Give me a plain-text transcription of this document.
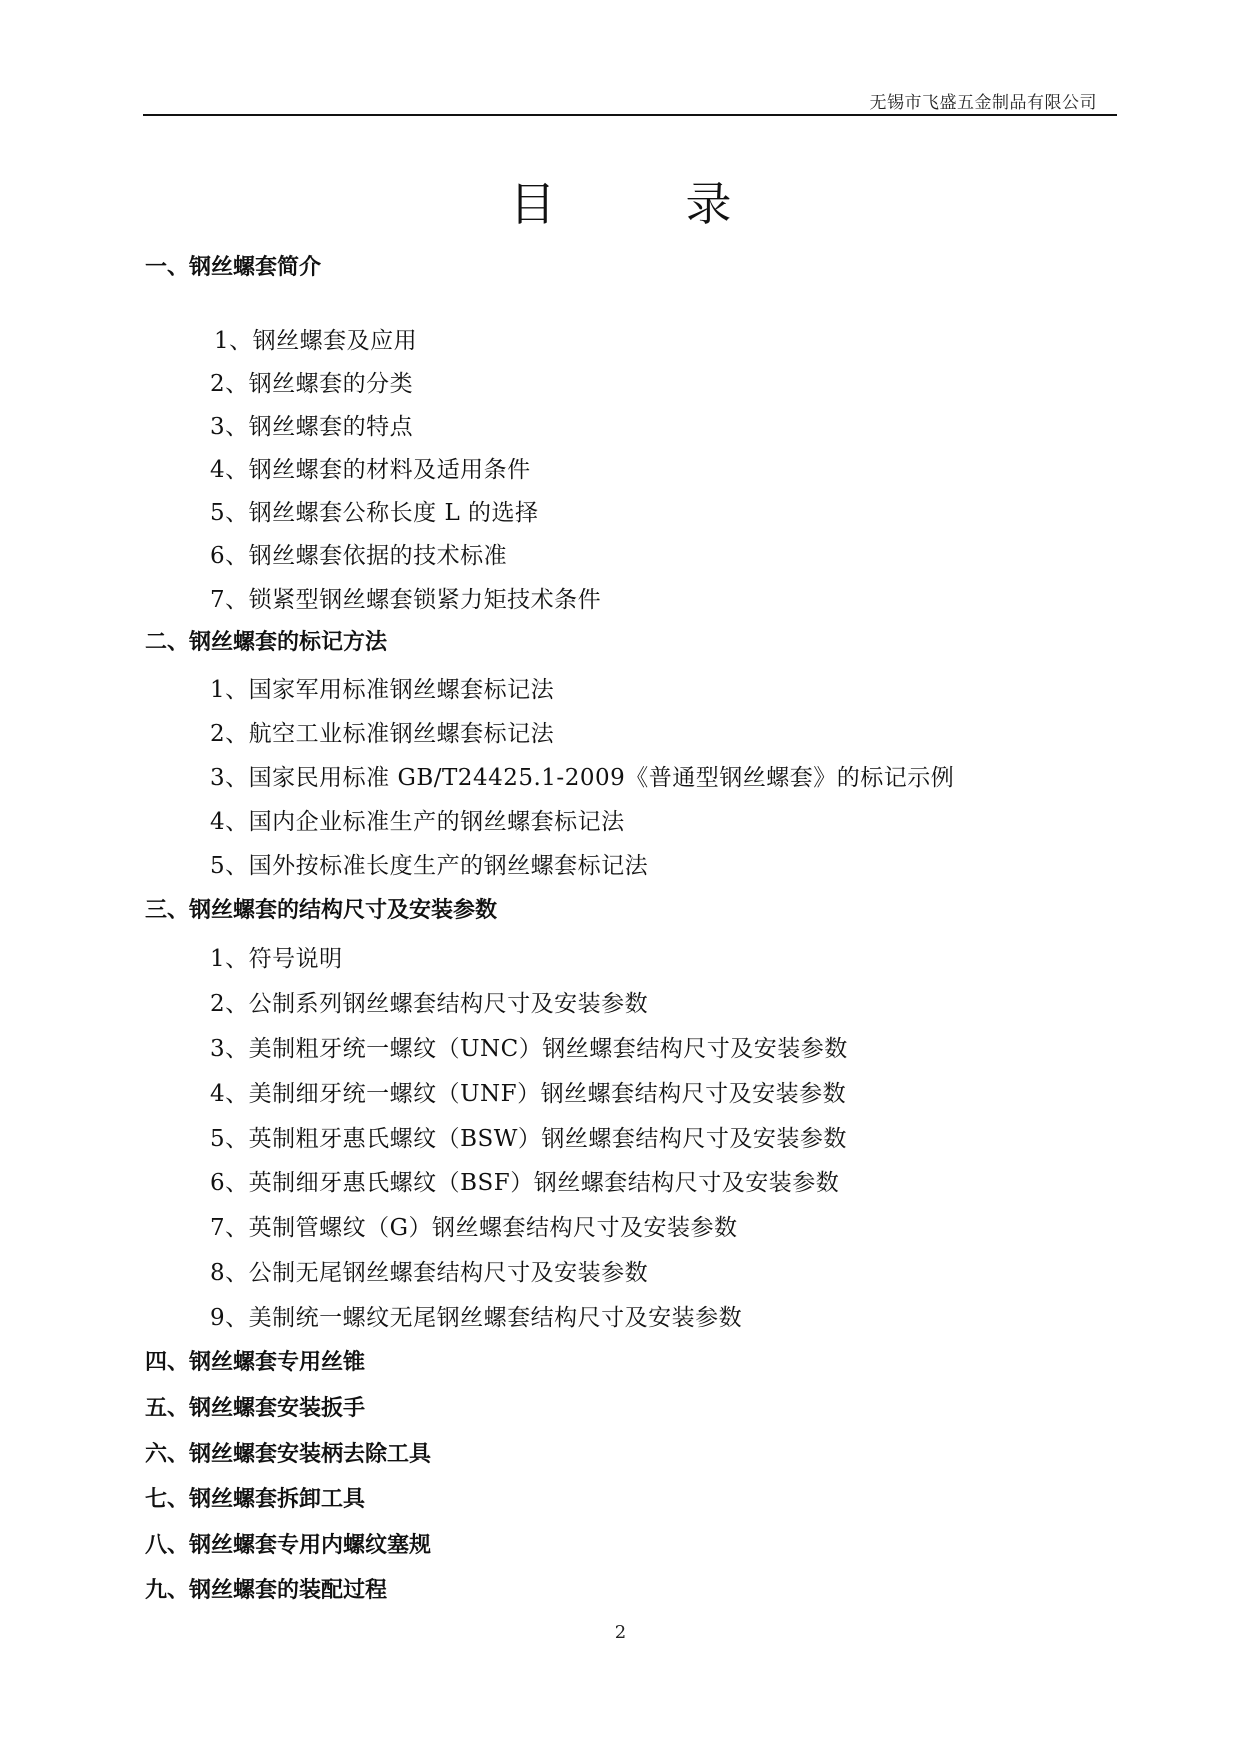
无锡市飞盛五金制品有限公司
目录
一、钢丝螺套简介
1、钢丝螺套及应用
2、钢丝螺套的分类
3、钢丝螺套的特点
4、钢丝螺套的材料及适用条件
5、钢丝螺套公称长度 L 的选择
6、钢丝螺套依据的技术标准
7、锁紧型钢丝螺套锁紧力矩技术条件
二、钢丝螺套的标记方法
1、国家军用标准钢丝螺套标记法
2、航空工业标准钢丝螺套标记法
3、国家民用标准 GB/T24425.1-2009《普通型钢丝螺套》的标记示例
4、国内企业标准生产的钢丝螺套标记法
5、国外按标准长度生产的钢丝螺套标记法
三、钢丝螺套的结构尺寸及安装参数
1、符号说明
2、公制系列钢丝螺套结构尺寸及安装参数
3、美制粗牙统一螺纹（UNC）钢丝螺套结构尺寸及安装参数
4、美制细牙统一螺纹（UNF）钢丝螺套结构尺寸及安装参数
5、英制粗牙惠氏螺纹（BSW）钢丝螺套结构尺寸及安装参数
6、英制细牙惠氏螺纹（BSF）钢丝螺套结构尺寸及安装参数
7、英制管螺纹（G）钢丝螺套结构尺寸及安装参数
8、公制无尾钢丝螺套结构尺寸及安装参数
9、美制统一螺纹无尾钢丝螺套结构尺寸及安装参数
四、钢丝螺套专用丝锥
五、钢丝螺套安装扳手
六、钢丝螺套安装柄去除工具
七、钢丝螺套拆卸工具
八、钢丝螺套专用内螺纹塞规
九、钢丝螺套的装配过程
2
